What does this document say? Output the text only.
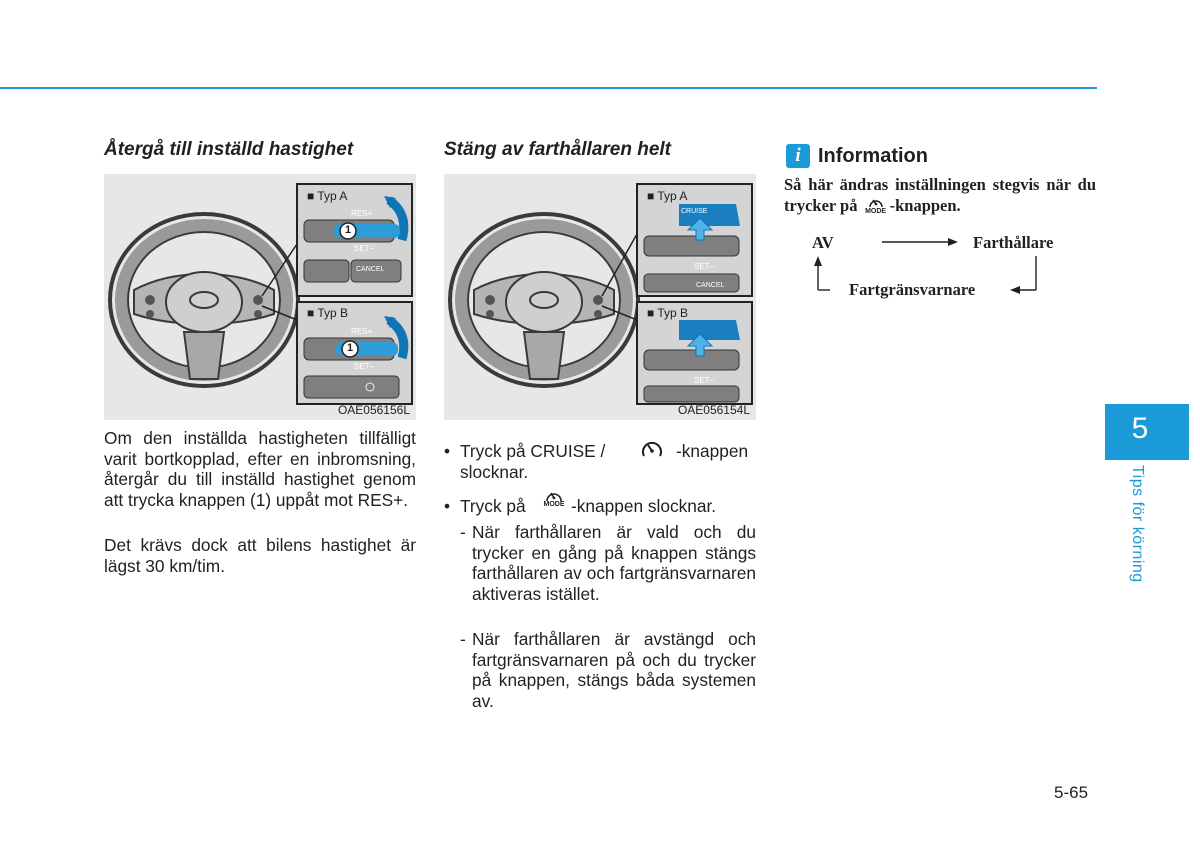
Återgå till inställd hastighet
■ Typ A
RES+
SET−
CANCEL
1
■ Typ B
RES+
SET−
1
OAE056156L

Om den inställda hastigheten tillfälligt varit bortkopplad, efter en inbromsning, återgår du till inställd hastighet genom att trycka knappen (1) uppåt mot RES+.

Det krävs dock att bilens hastighet är lägst 30 km/tim.

Stäng av farthållaren helt
■ Typ A
CRUISE
SET−
CANCEL
■ Typ B
SET−
OAE056154L
• Tryck på CRUISE /	-knappen
slocknar.
• Tryck på	MODE -knappen slocknar.
- När farthållaren är vald och du trycker en gång på knappen stängs farthållaren av och fartgränsvarnaren aktiveras istället.
- När farthållaren är avstängd och fartgränsvarnaren på och du trycker på knappen, stängs båda systemen av.
i Information
Så här ändras inställningen stegvis när du trycker på	MODE -knappen.
AV	Farthållare
Fartgränsvarnare
5
Tips för körning
5-65
